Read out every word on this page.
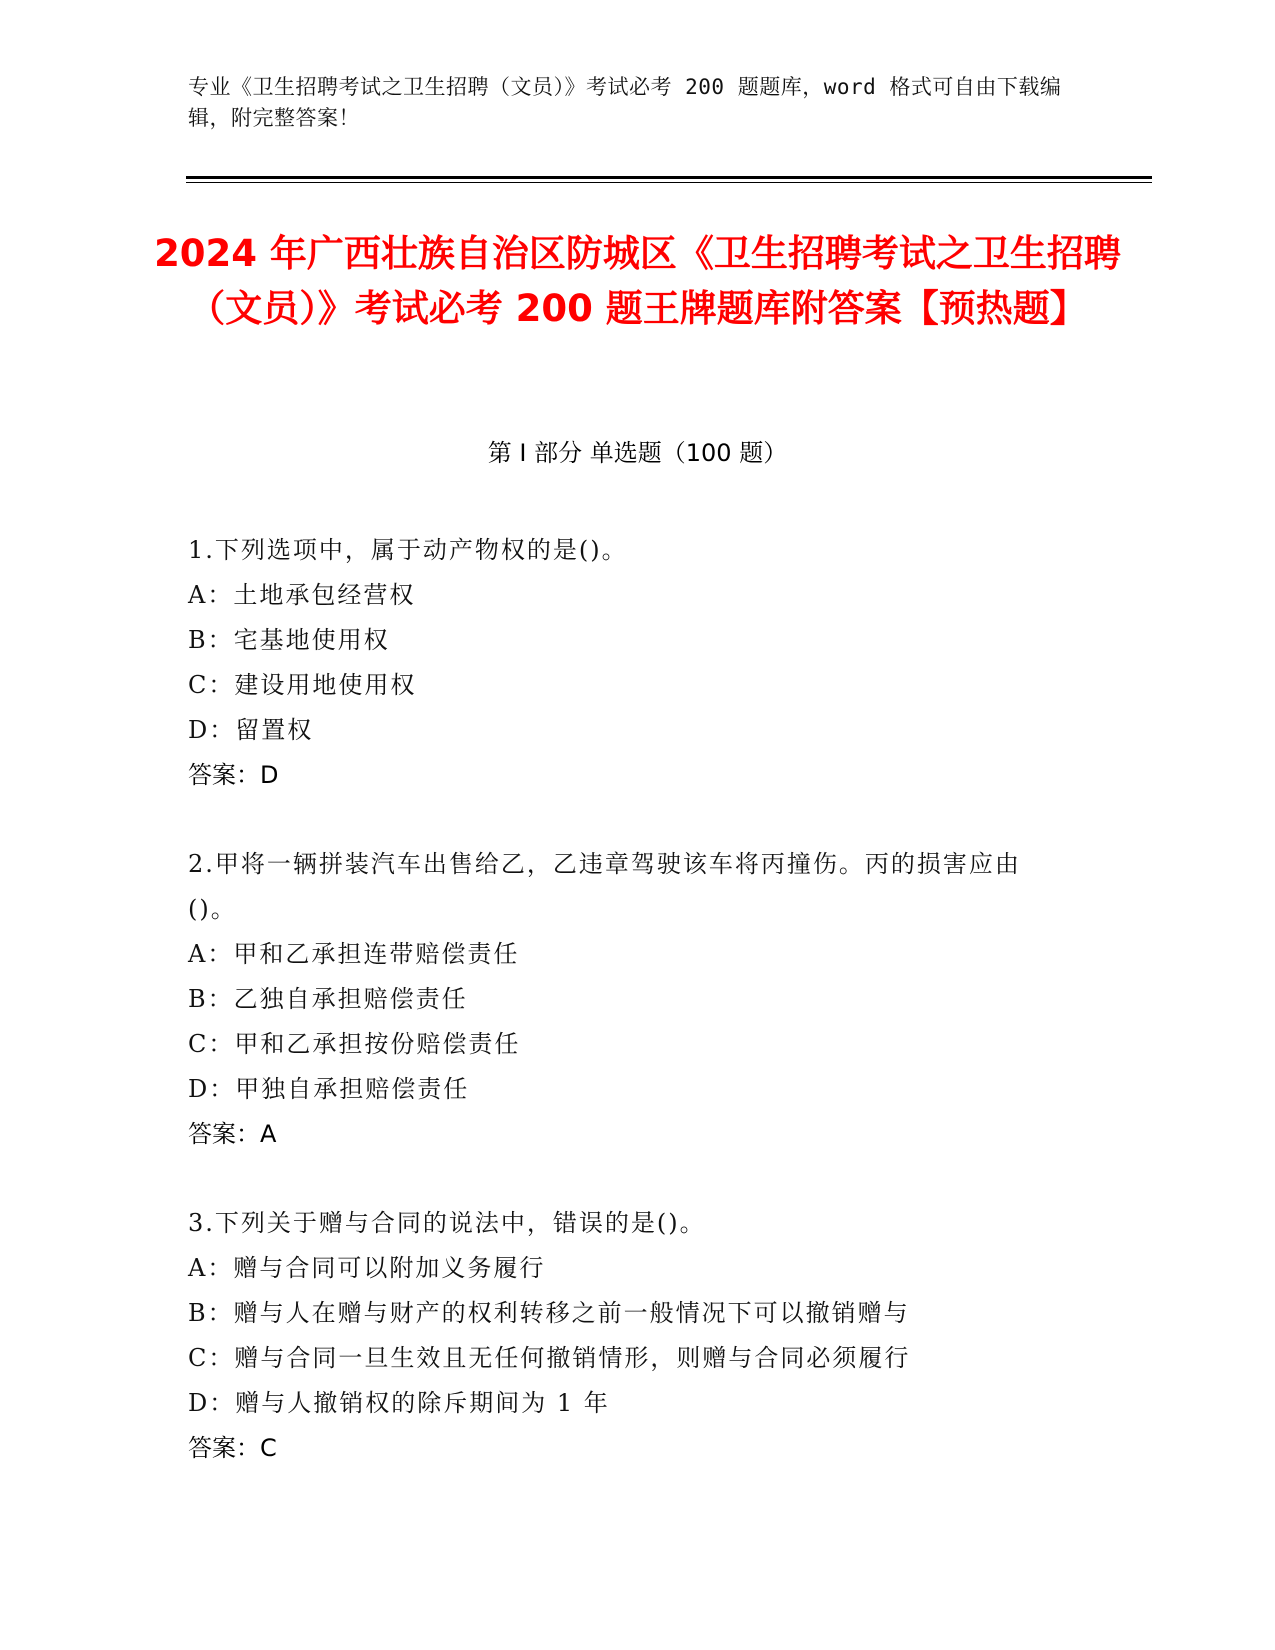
专业《卫生招聘考试之卫生招聘（文员）》考试必考 200 题题库，word 格式可自由下载编辑，附完整答案！
2024 年广西壮族自治区防城区《卫生招聘考试之卫生招聘（文员）》考试必考 200 题王牌题库附答案【预热题】
第 I 部分 单选题（100 题）
1.下列选项中，属于动产物权的是()。
A：土地承包经营权
B：宅基地使用权
C：建设用地使用权
D：留置权
答案：D
2.甲将一辆拼装汽车出售给乙，乙违章驾驶该车将丙撞伤。丙的损害应由()。
A：甲和乙承担连带赔偿责任
B：乙独自承担赔偿责任
C：甲和乙承担按份赔偿责任
D：甲独自承担赔偿责任
答案：A
3.下列关于赠与合同的说法中，错误的是()。
A：赠与合同可以附加义务履行
B：赠与人在赠与财产的权利转移之前一般情况下可以撤销赠与
C：赠与合同一旦生效且无任何撤销情形，则赠与合同必须履行
D：赠与人撤销权的除斥期间为 1 年
答案：C
